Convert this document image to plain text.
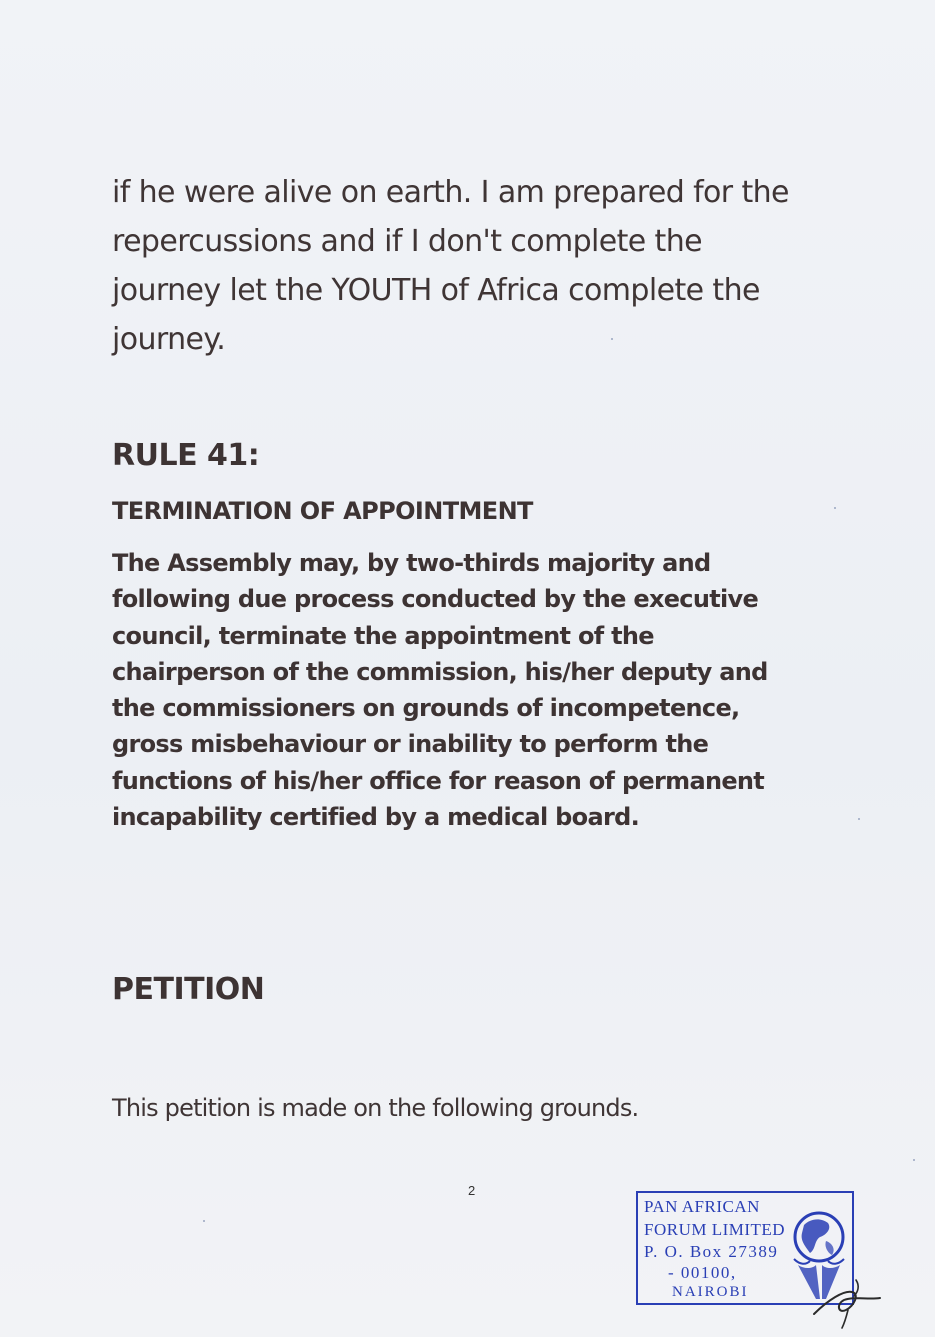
if he were alive on earth. I am prepared for the
repercussions and if I don't complete the
journey let the YOUTH of Africa complete the
journey.
RULE 41:
TERMINATION OF APPOINTMENT
The Assembly may, by two-thirds majority and
following due process conducted by the executive
council, terminate the appointment of the
chairperson of the commission, his/her deputy and
the commissioners on grounds of incompetence,
gross misbehaviour or inability to perform the
functions of his/her office for reason of permanent
incapability certified by a medical board.
PETITION
This petition is made on the following grounds.
2
PAN AFRICAN
FORUM LIMITED
P. O. Box 27389
- 00100,
NAIROBI
